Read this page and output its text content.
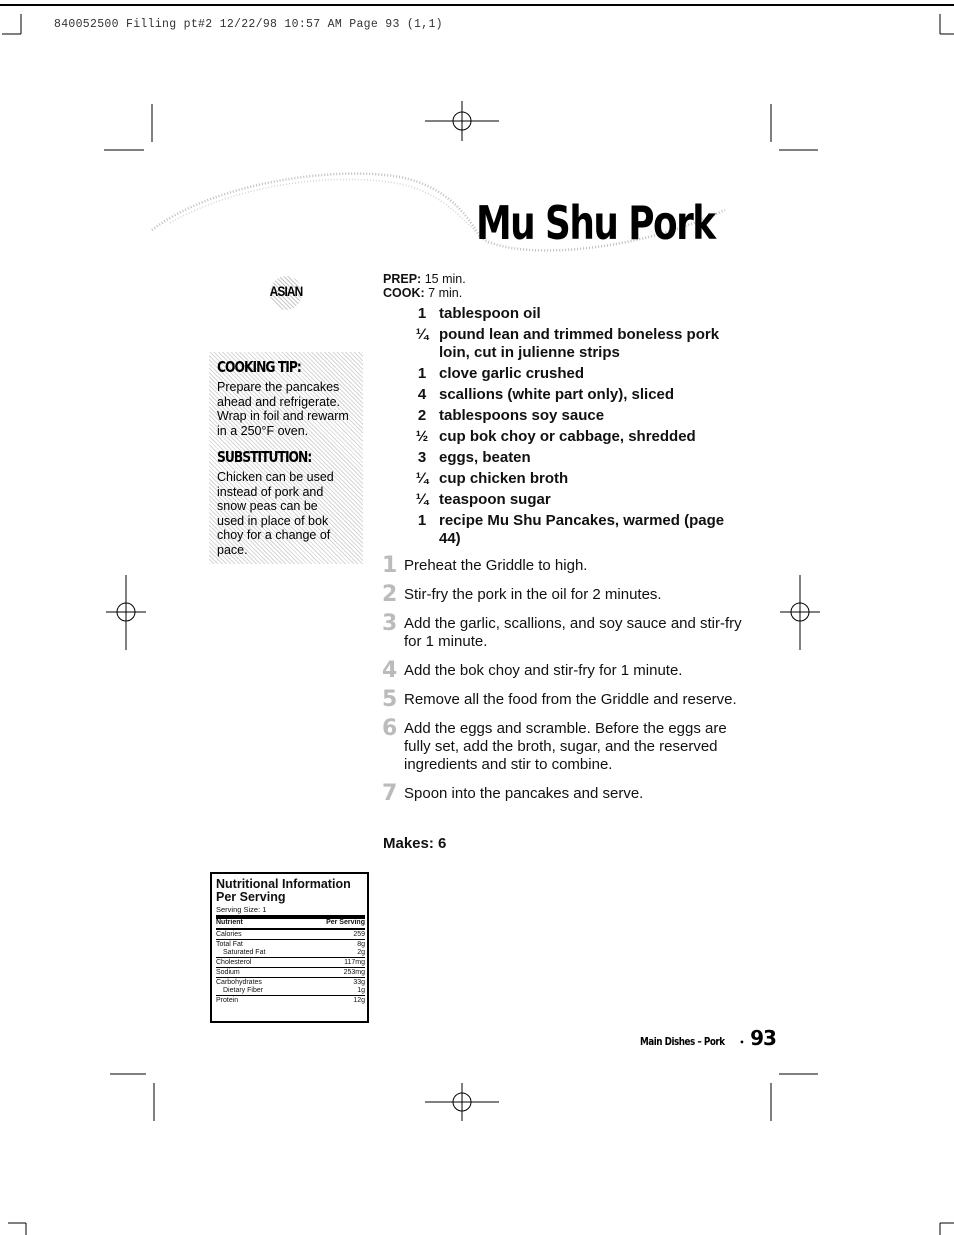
840052500 Filling pt#2 12/22/98 10:57 AM Page 93 (1,1)
Mu Shu Pork
ASIAN
COOKING TIP:
Prepare the pancakes ahead and refrigerate. Wrap in foil and rewarm in a 250°F oven.
SUBSTITUTION:
Chicken can be used instead of pork and snow peas can be used in place of bok choy for a change of pace.
PREP: 15 min.
COOK: 7 min.
1 tablespoon oil
¼ pound lean and trimmed boneless pork loin, cut in julienne strips
1 clove garlic crushed
4 scallions (white part only), sliced
2 tablespoons soy sauce
½ cup bok choy or cabbage, shredded
3 eggs, beaten
¼ cup chicken broth
¼ teaspoon sugar
1 recipe Mu Shu Pancakes, warmed (page 44)
1 Preheat the Griddle to high.
2 Stir-fry the pork in the oil for 2 minutes.
3 Add the garlic, scallions, and soy sauce and stir-fry for 1 minute.
4 Add the bok choy and stir-fry for 1 minute.
5 Remove all the food from the Griddle and reserve.
6 Add the eggs and scramble. Before the eggs are fully set, add the broth, sugar, and the reserved ingredients and stir to combine.
7 Spoon into the pancakes and serve.
Makes: 6
Nutritional Information Per Serving
Serving Size: 1
Nutrient	Per Serving
Calories	259
Total Fat	8g
Saturated Fat	2g
Cholesterol	117mg
Sodium	253mg
Carbohydrates	33g
Dietary Fiber	1g
Protein	12g
Main Dishes – Pork • 93
